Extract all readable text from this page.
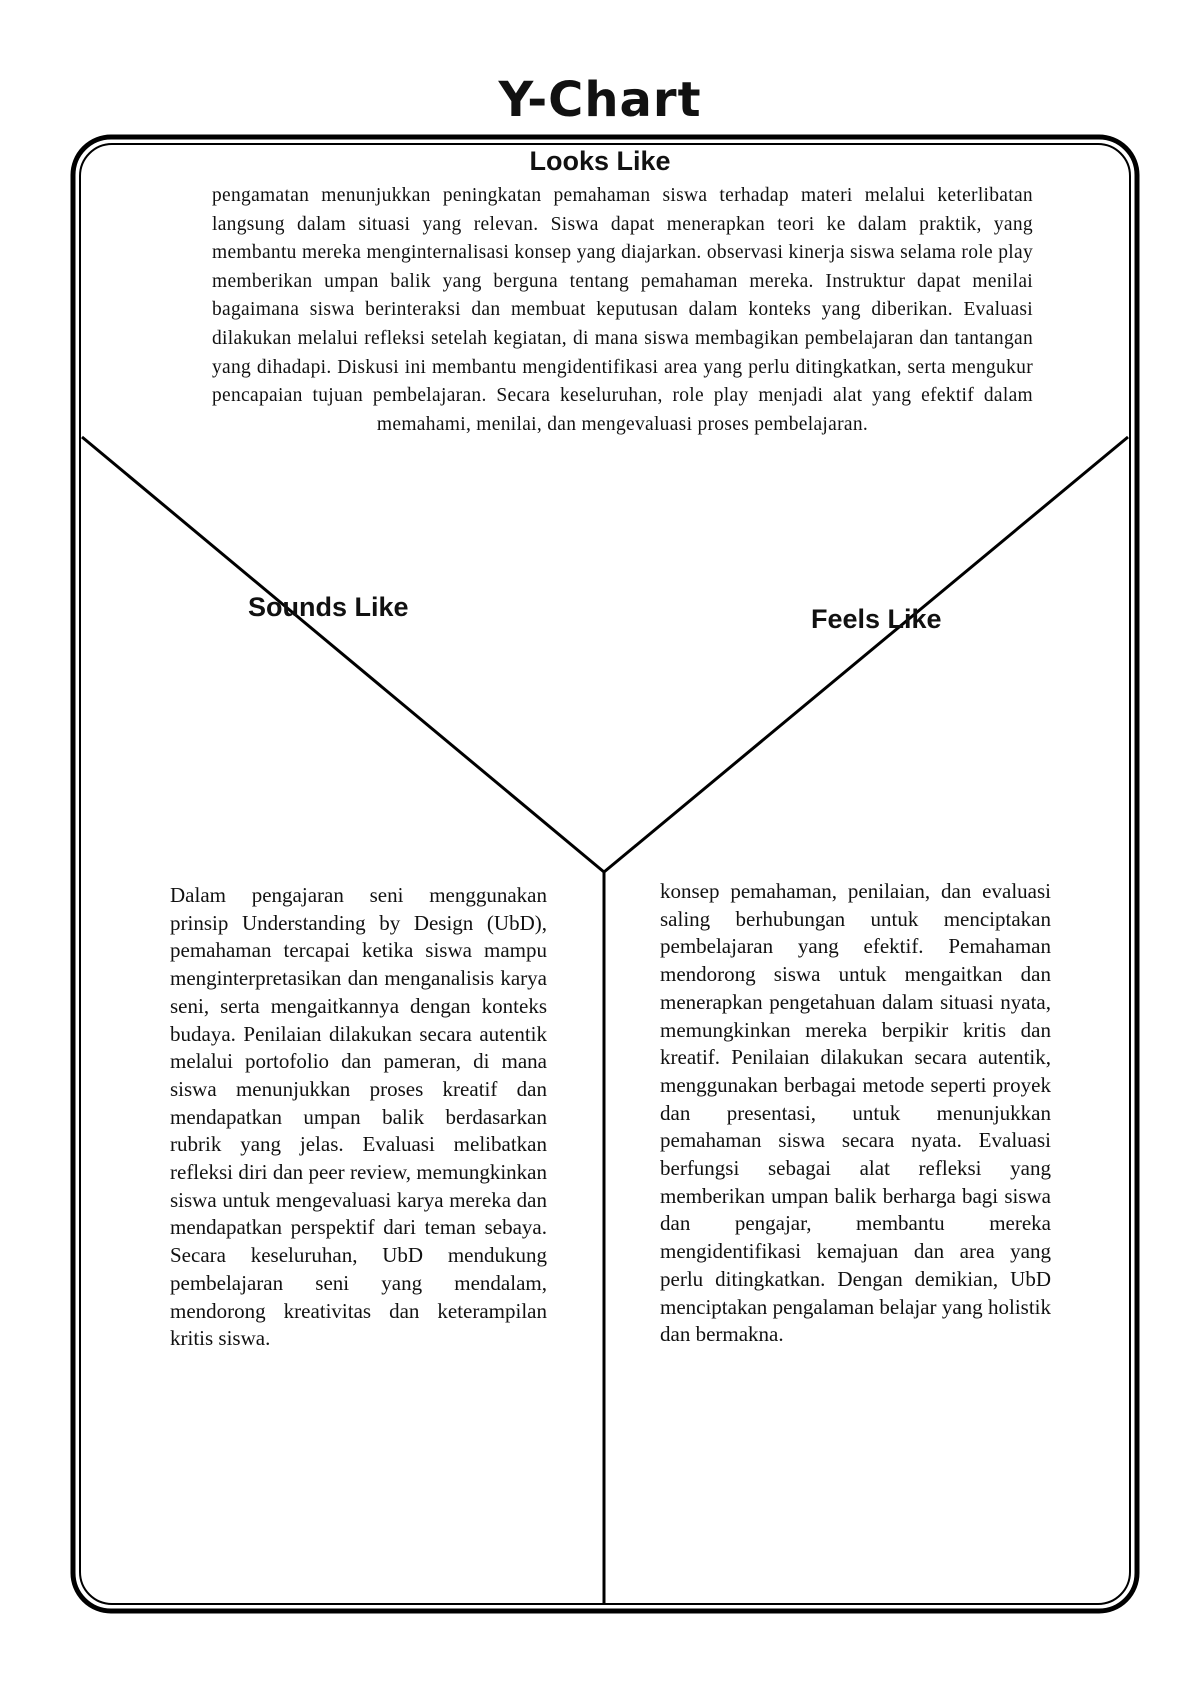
Y-Chart
Looks Like
pengamatan menunjukkan peningkatan pemahaman siswa terhadap materi melalui keterlibatan langsung dalam situasi yang relevan. Siswa dapat menerapkan teori ke dalam praktik, yang membantu mereka menginternalisasi konsep yang diajarkan. observasi kinerja siswa selama role play memberikan umpan balik yang berguna tentang pemahaman mereka. Instruktur dapat menilai bagaimana siswa berinteraksi dan membuat keputusan dalam konteks yang diberikan. Evaluasi dilakukan melalui refleksi setelah kegiatan, di mana siswa membagikan pembelajaran dan tantangan yang dihadapi. Diskusi ini membantu mengidentifikasi area yang perlu ditingkatkan, serta mengukur pencapaian tujuan pembelajaran. Secara keseluruhan, role play menjadi alat yang efektif dalam memahami, menilai, dan mengevaluasi proses pembelajaran.
Sounds Like
Dalam pengajaran seni menggunakan prinsip Understanding by Design (UbD), pemahaman tercapai ketika siswa mampu menginterpretasikan dan menganalisis karya seni, serta mengaitkannya dengan konteks budaya. Penilaian dilakukan secara autentik melalui portofolio dan pameran, di mana siswa menunjukkan proses kreatif dan mendapatkan umpan balik berdasarkan rubrik yang jelas. Evaluasi melibatkan refleksi diri dan peer review, memungkinkan siswa untuk mengevaluasi karya mereka dan mendapatkan perspektif dari teman sebaya. Secara keseluruhan, UbD mendukung pembelajaran seni yang mendalam, mendorong kreativitas dan keterampilan kritis siswa.
Feels Like
konsep pemahaman, penilaian, dan evaluasi saling berhubungan untuk menciptakan pembelajaran yang efektif. Pemahaman mendorong siswa untuk mengaitkan dan menerapkan pengetahuan dalam situasi nyata, memungkinkan mereka berpikir kritis dan kreatif. Penilaian dilakukan secara autentik, menggunakan berbagai metode seperti proyek dan presentasi, untuk menunjukkan pemahaman siswa secara nyata. Evaluasi berfungsi sebagai alat refleksi yang memberikan umpan balik berharga bagi siswa dan pengajar, membantu mereka mengidentifikasi kemajuan dan area yang perlu ditingkatkan. Dengan demikian, UbD menciptakan pengalaman belajar yang holistik dan bermakna.
